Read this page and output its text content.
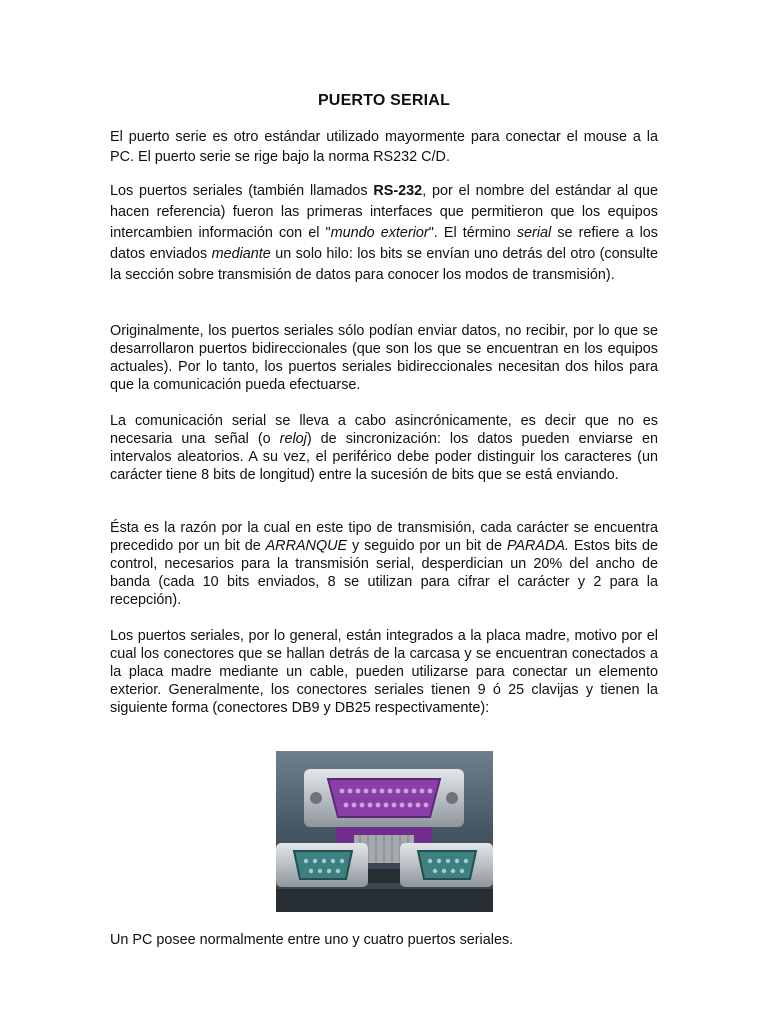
PUERTO SERIAL

El puerto serie es otro estándar utilizado mayormente para conectar el mouse a la PC. El puerto serie se rige bajo la norma RS232 C/D.

Los puertos seriales (también llamados RS-232, por el nombre del estándar al que hacen referencia) fueron las primeras interfaces que permitieron que los equipos intercambien información con el "mundo exterior". El término serial se refiere a los datos enviados mediante un solo hilo: los bits se envían uno detrás del otro (consulte la sección sobre transmisión de datos para conocer los modos de transmisión).

Originalmente, los puertos seriales sólo podían enviar datos, no recibir, por lo que se desarrollaron puertos bidireccionales (que son los que se encuentran en los equipos actuales). Por lo tanto, los puertos seriales bidireccionales necesitan dos hilos para que la comunicación pueda efectuarse.

La comunicación serial se lleva a cabo asincrónicamente, es decir que no es necesaria una señal (o reloj) de sincronización: los datos pueden enviarse en intervalos aleatorios. A su vez, el periférico debe poder distinguir los caracteres (un carácter tiene 8 bits de longitud) entre la sucesión de bits que se está enviando.

Ésta es la razón por la cual en este tipo de transmisión, cada carácter se encuentra precedido por un bit de ARRANQUE y seguido por un bit de PARADA. Estos bits de control, necesarios para la transmisión serial, desperdician un 20% del ancho de banda (cada 10 bits enviados, 8 se utilizan para cifrar el carácter y 2 para la recepción).

Los puertos seriales, por lo general, están integrados a la placa madre, motivo por el cual los conectores que se hallan detrás de la carcasa y se encuentran conectados a la placa madre mediante un cable, pueden utilizarse para conectar un elemento exterior. Generalmente, los conectores seriales tienen 9 ó 25 clavijas y tienen la siguiente forma (conectores DB9 y DB25 respectivamente):

Un PC posee normalmente entre uno y cuatro puertos seriales.
